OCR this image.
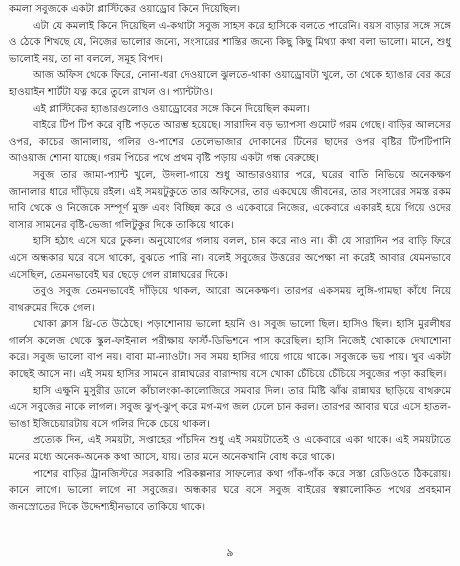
কমলা সবুজকে একটা প্লাস্টিকের ওয়াড্রোব কিনে দিয়েছিল।

এটা যে কমলাই কিনে দিয়েছিল এ-কথাটা সবুজ সাহস করে হাসিকে বলতে পারেনি। বয়স বাড়ার সঙ্গে সঙ্গে ও ঠেকে শিখছে যে, নিজের ভালোর জন্যে, সংসারের শান্তির জন্যে কিছু কিছু মিথ্যা কথা বলা ভালো। মানে, শুধু ভালোই নয়, তা না বললে, সমূহ বিপদ।

আজ অফিস থেকে ফিরে, নোনা-ধরা দেওয়ালে ঝুলতে-থাকা ওয়াড্রোবটা খুলে, তা থেকে হ্যাঙার বের করে হাওয়াইন শার্টটা যত্ন করে তুলে রাখল ও। প্যান্টটাও।

এই প্লাস্টিকের হ্যাঙারগুলোও ওয়াড্রোবের সঙ্গে কিনে দিয়েছিল কমলা।

বাইরে টিপ টিপ করে বৃষ্টি পড়তে আরম্ভ হয়েছে। সারাদিন বড় ভ্যাপসা গুমোট গরম গেছে। বাড়ির আলসের ওপর, কাচের জানালায়, গলির ও-পাশের তেলেভাজার দোকানের টিনের ছাদের ওপর বৃষ্টির টিপটিপানি আওয়াজ শোনা যাচ্ছে। গরম পিচের পথে প্রথম বৃষ্টি পড়ায় একটা গন্ধ বেরুচ্ছে।

সবুজ তার জামা-প্যান্ট খুলে, উদলা-গায়ে শুধু আন্ডারওয়্যার পরে, ঘরের বাতি নিভিয়ে অনেকক্ষণ জানালার ধারে দাঁড়িয়ে রইল। এই সময়টুকুতে তার অফিসের, তার একঘেয়ে জীবনের, তার সংসারের সমস্ত রকম দাবি থেকে ও নিজেকে সম্পূর্ণ মুক্ত এবং বিচ্ছিন্ন করে ও একেবারে নিজের, একেবারে একারই হয়ে গিয়ে ওদের বাসার সামনের বৃষ্টি-ভেজা গলিটুকুর দিকে তাকিয়ে থাকে।

হাসি হঠাৎ এসে ঘরে ঢুকল। অনুযোগের গলায় বলল, চান করে নাও না। কী যে সারাদিন পর বাড়ি ফিরে এসে অন্ধকার ঘরে বসে থাকো, বুঝতে পারি না। বলেই সবুজের উত্তরের অপেক্ষা না করেই আবার যেমনভাবে এসেছিল, তেমনভাবেই ঘর ছেড়ে গেল রান্নাঘরের দিকে।

তবুও সবুজ তেমনভাবেই দাঁড়িয়ে থাকল, আরো অনেকক্ষণ। তারপর একসময় লুঙ্গি-গামছা কাঁধে নিয়ে বাথরুমের দিকে গেল।

খোকা ক্লাস থ্রি-তে উঠেছে। পড়াশোনায় ভালো হয়নি ও। সবুজ ভালো ছিল। হাসিও ছিল। হাসি মুরলীধর গার্লস কলেজ থেকে স্কুল-ফাইনাল পরীক্ষায় ফার্স্ট-ডিভিশনে পাস করেছিল। হাসি নিজেই খোকাকে দেখাশোনা করে। সবুজ ভালো বাপ নয়। বাবা মা-ন্যাওটা। সব সময় হাসির গায়ে গায়ে থাকে। সবুজকে ভয় পায়। খুব একটা কাছেই আসে না। এই সময় হাসির সামনে রান্নাঘরের বারান্দায় বসে খোকা চেঁচিয়ে চেঁচিয়ে সবুজের পড়া করছিল।

হাসি এক্ষুনি মুসুরীর ডালে কাঁচালংকা-কালোজিরে সমবার দিল। তার মিষ্টি ঝাঁঝ রান্নাঘর ছাড়িয়ে বাথরুমে এসে সবুজের নাকে লাগল। সবুজ ঝুপ্-ঝুপ্ করে মগ-মগ জল ঢেলে চান করল। তারপর আবার ঘরে এসে হাতল-ভাঙা ইজিচেয়ারটায় বসে গলির দিকে চেয়ে থাকল।

প্রত্যেক দিন, এই সময়টা, সপ্তাহের পাঁচদিন শুধু এই সময়টাতেই ও একেবারে একা থাকে। এই সময়টাতে মনের মধ্যে অনেক-অনেক কথা আসে, যায়। তার মনে অনেকখানি বোধ করে থাকে।

পাশের বাড়ির ট্রানজিস্টরে সরকারি পরিকল্পনার সাফল্যের কথা গাঁক-গাঁক করে সস্তা রেডিওতে ঠিকরোয়। কানে লাগে। ভালো লাগে না সবুজের। অন্ধকার ঘরে বসে সবুজ বাইরের স্বল্পালোকিত পথের প্রবহমান জনস্রোতের দিকে উদ্দেশ্যহীনভাবে তাকিয়ে থাকে।

৯
